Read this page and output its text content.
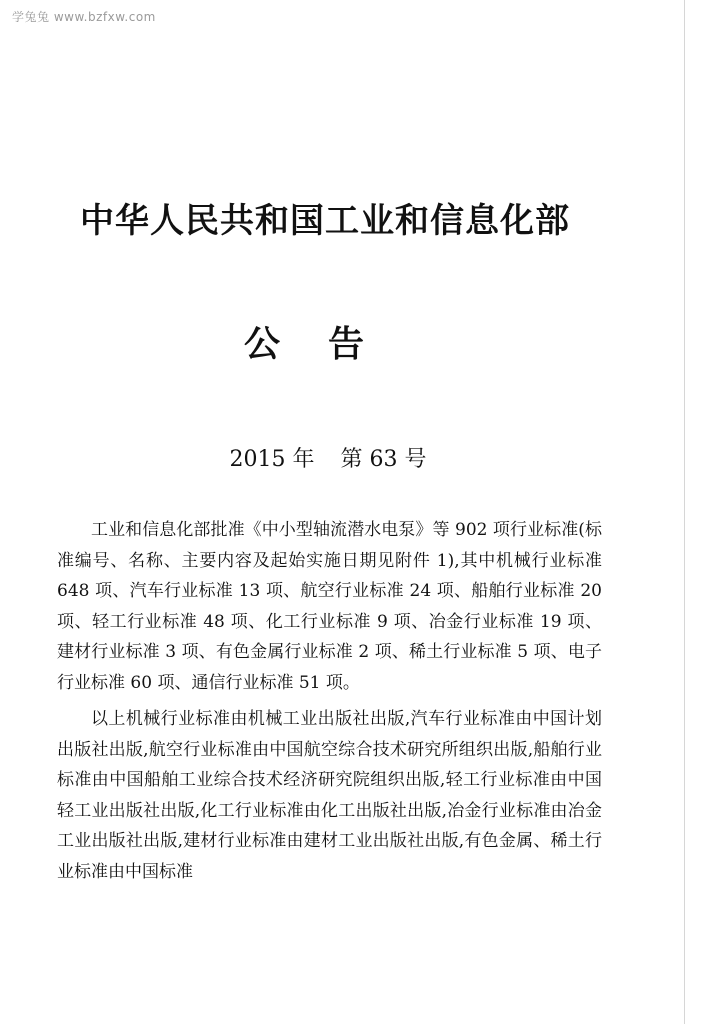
学兔兔 www.bzfxw.com
中华人民共和国工业和信息化部
公告
2015 年 第 63 号

工业和信息化部批准《中小型轴流潜水电泵》等 902 项行业标准(标准编号、名称、主要内容及起始实施日期见附件 1),其中机械行业标准 648 项、汽车行业标准 13 项、航空行业标准 24 项、船舶行业标准 20 项、轻工行业标准 48 项、化工行业标准 9 项、冶金行业标准 19 项、建材行业标准 3 项、有色金属行业标准 2 项、稀土行业标准 5 项、电子行业标准 60 项、通信行业标准 51 项。

以上机械行业标准由机械工业出版社出版,汽车行业标准由中国计划出版社出版,航空行业标准由中国航空综合技术研究所组织出版,船舶行业标准由中国船舶工业综合技术经济研究院组织出版,轻工行业标准由中国轻工业出版社出版,化工行业标准由化工出版社出版,冶金行业标准由冶金工业出版社出版,建材行业标准由建材工业出版社出版,有色金属、稀土行业标准由中国标准
